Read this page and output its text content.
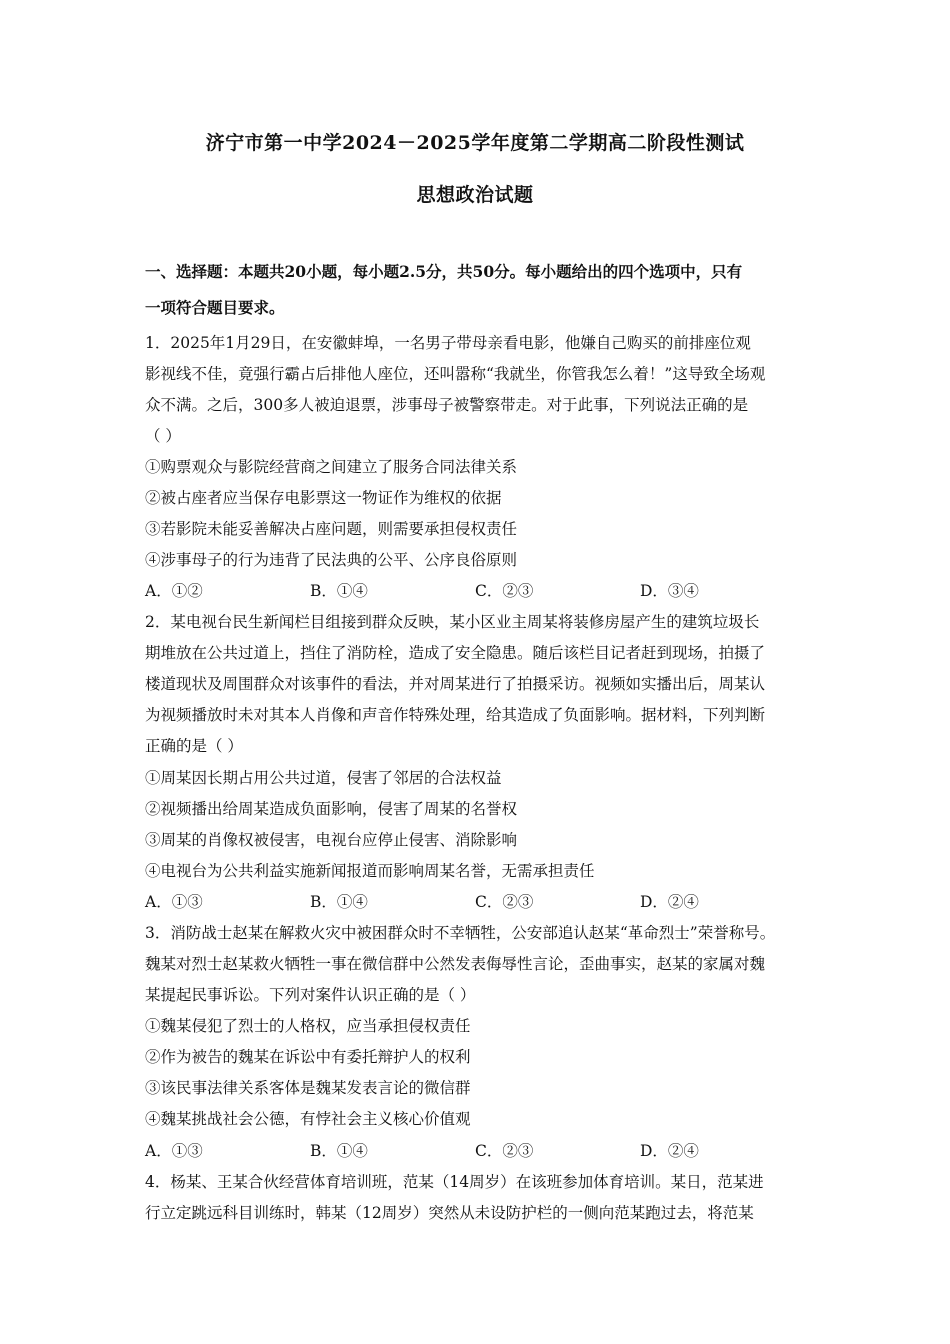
济宁市第一中学2024－2025学年度第二学期高二阶段性测试
思想政治试题
一、选择题：本题共20小题，每小题2.5分，共50分。每小题给出的四个选项中，只有
一项符合题目要求。
1．2025年1月29日，在安徽蚌埠，一名男子带母亲看电影，他嫌自己购买的前排座位观
影视线不佳，竟强行霸占后排他人座位，还叫嚣称“我就坐，你管我怎么着！”这导致全场观
众不满。之后，300多人被迫退票，涉事母子被警察带走。对于此事，下列说法正确的是
（ ）
①购票观众与影院经营商之间建立了服务合同法律关系
②被占座者应当保存电影票这一物证作为维权的依据
③若影院未能妥善解决占座问题，则需要承担侵权责任
④涉事母子的行为违背了民法典的公平、公序良俗原则
A．①②	B．①④	C．②③	D．③④
2．某电视台民生新闻栏目组接到群众反映，某小区业主周某将装修房屋产生的建筑垃圾长
期堆放在公共过道上，挡住了消防栓，造成了安全隐患。随后该栏目记者赶到现场，拍摄了
楼道现状及周围群众对该事件的看法，并对周某进行了拍摄采访。视频如实播出后，周某认
为视频播放时未对其本人肖像和声音作特殊处理，给其造成了负面影响。据材料，下列判断
正确的是（ ）
①周某因长期占用公共过道，侵害了邻居的合法权益
②视频播出给周某造成负面影响，侵害了周某的名誉权
③周某的肖像权被侵害，电视台应停止侵害、消除影响
④电视台为公共利益实施新闻报道而影响周某名誉，无需承担责任
A．①③	B．①④	C．②③	D．②④
3．消防战士赵某在解救火灾中被困群众时不幸牺牲，公安部追认赵某“革命烈士”荣誉称号。
魏某对烈士赵某救火牺牲一事在微信群中公然发表侮辱性言论，歪曲事实，赵某的家属对魏
某提起民事诉讼。下列对案件认识正确的是（ ）
①魏某侵犯了烈士的人格权，应当承担侵权责任
②作为被告的魏某在诉讼中有委托辩护人的权利
③该民事法律关系客体是魏某发表言论的微信群
④魏某挑战社会公德，有悖社会主义核心价值观
A．①③	B．①④	C．②③	D．②④
4．杨某、王某合伙经营体育培训班，范某（14周岁）在该班参加体育培训。某日，范某进
行立定跳远科目训练时，韩某（12周岁）突然从未设防护栏的一侧向范某跑过去，将范某
